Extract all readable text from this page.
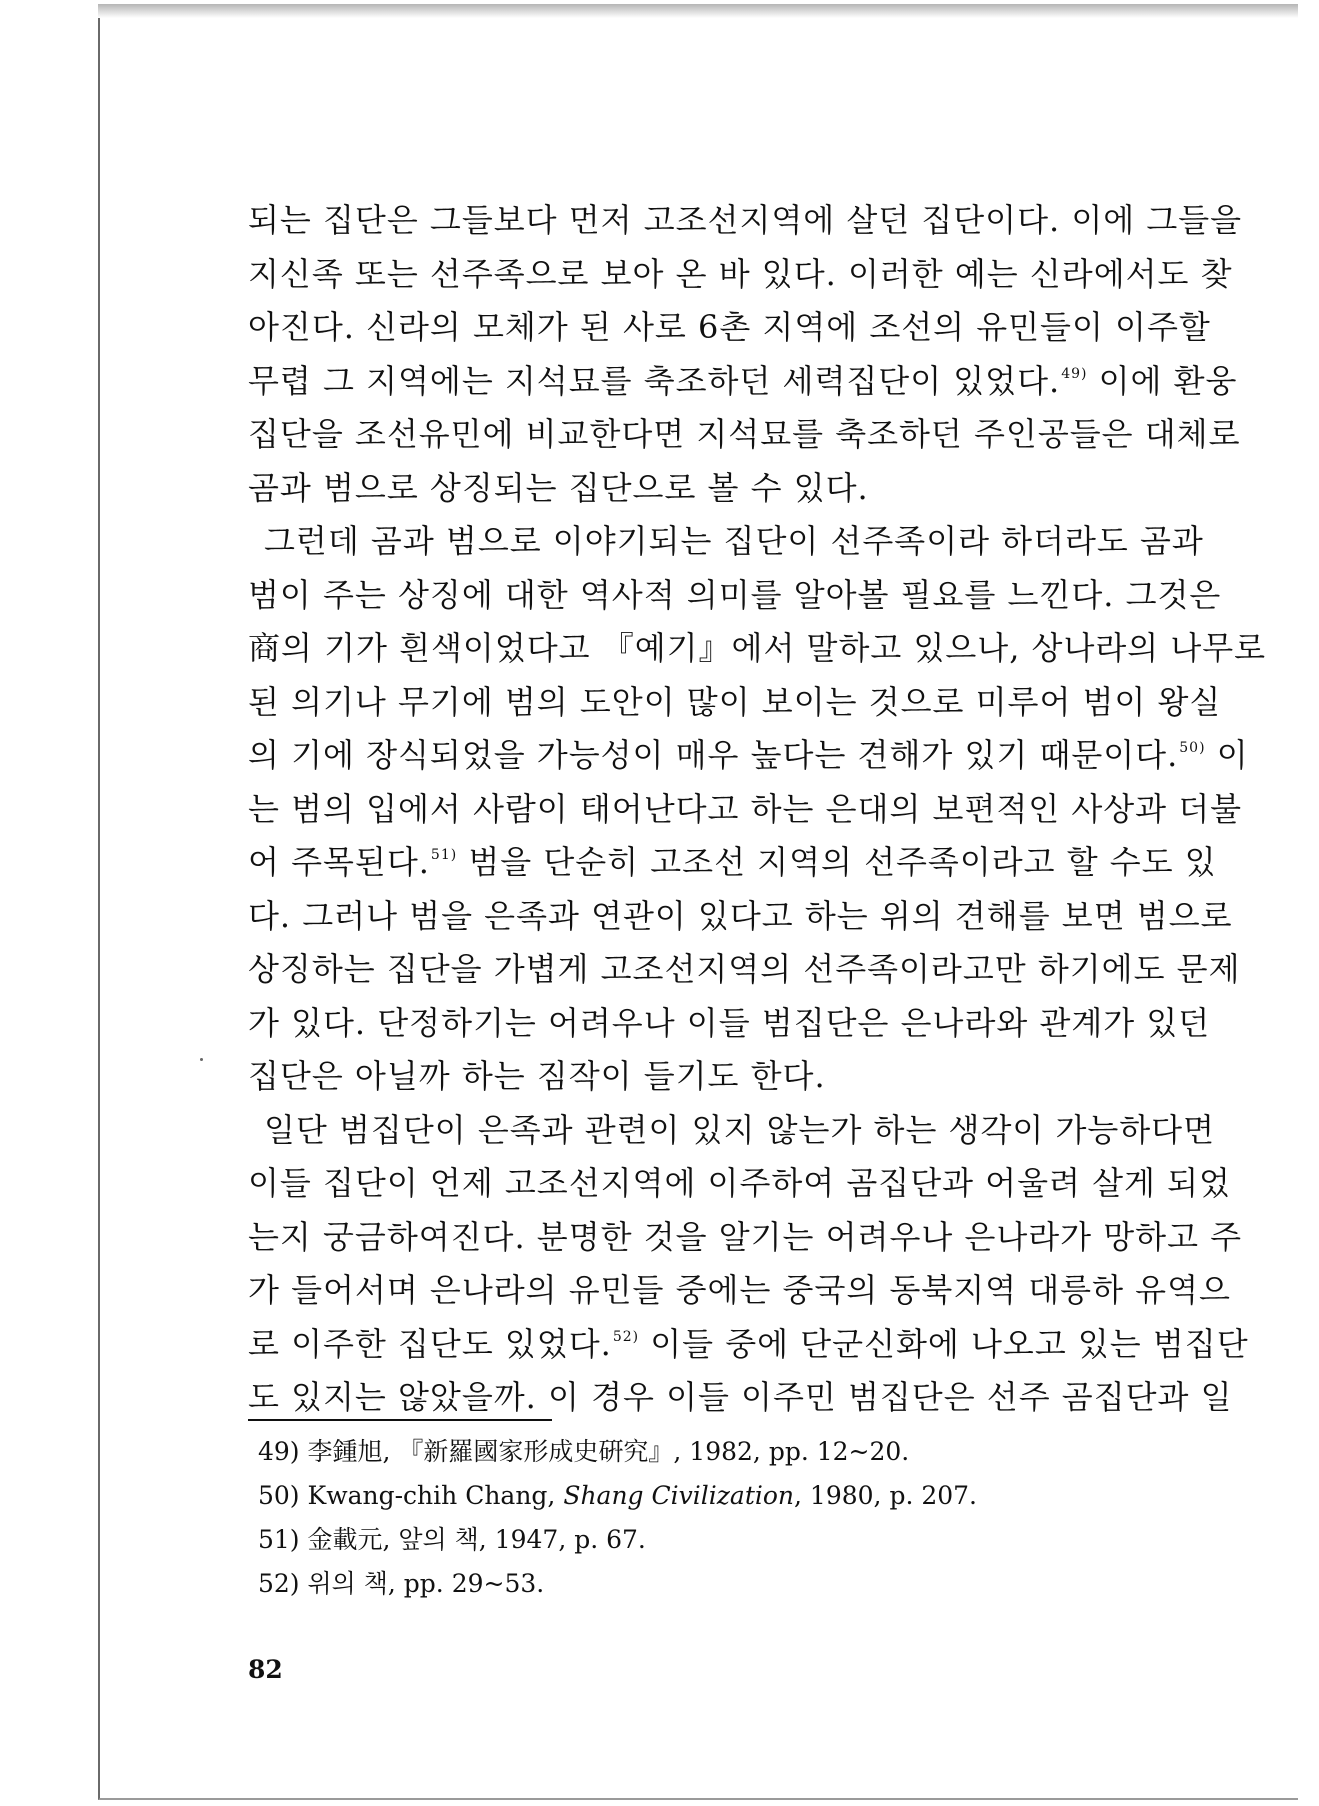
되는 집단은 그들보다 먼저 고조선지역에 살던 집단이다. 이에 그들을
지신족 또는 선주족으로 보아 온 바 있다. 이러한 예는 신라에서도 찾
아진다. 신라의 모체가 된 사로 6촌 지역에 조선의 유민들이 이주할
무렵 그 지역에는 지석묘를 축조하던 세력집단이 있었다.$^{49)}$ 이에 환웅
집단을 조선유민에 비교한다면 지석묘를 축조하던 주인공들은 대체로
곰과 범으로 상징되는 집단으로 볼 수 있다.
그런데 곰과 범으로 이야기되는 집단이 선주족이라 하더라도 곰과
범이 주는 상징에 대한 역사적 의미를 알아볼 필요를 느낀다. 그것은
商의 기가 흰색이었다고 『예기』에서 말하고 있으나, 상나라의 나무로
된 의기나 무기에 범의 도안이 많이 보이는 것으로 미루어 범이 왕실
의 기에 장식되었을 가능성이 매우 높다는 견해가 있기 때문이다.$^{50)}$ 이
는 범의 입에서 사람이 태어난다고 하는 은대의 보편적인 사상과 더불
어 주목된다.$^{51)}$ 범을 단순히 고조선 지역의 선주족이라고 할 수도 있
다. 그러나 범을 은족과 연관이 있다고 하는 위의 견해를 보면 범으로
상징하는 집단을 가볍게 고조선지역의 선주족이라고만 하기에도 문제
가 있다. 단정하기는 어려우나 이들 범집단은 은나라와 관계가 있던
집단은 아닐까 하는 짐작이 들기도 한다.
일단 범집단이 은족과 관련이 있지 않는가 하는 생각이 가능하다면
이들 집단이 언제 고조선지역에 이주하여 곰집단과 어울려 살게 되었
는지 궁금하여진다. 분명한 것을 알기는 어려우나 은나라가 망하고 주
가 들어서며 은나라의 유민들 중에는 중국의 동북지역 대릉하 유역으
로 이주한 집단도 있었다.$^{52)}$ 이들 중에 단군신화에 나오고 있는 범집단
도 있지는 않았을까. 이 경우 이들 이주민 범집단은 선주 곰집단과 일
49) 李鍾旭, 『新羅國家形成史硏究』, 1982, pp. 12~20.
50) Kwang-chih Chang, Shang Civilization, 1980, p. 207.
51) 金載元, 앞의 책, 1947, p. 67.
52) 위의 책, pp. 29~53.
82
